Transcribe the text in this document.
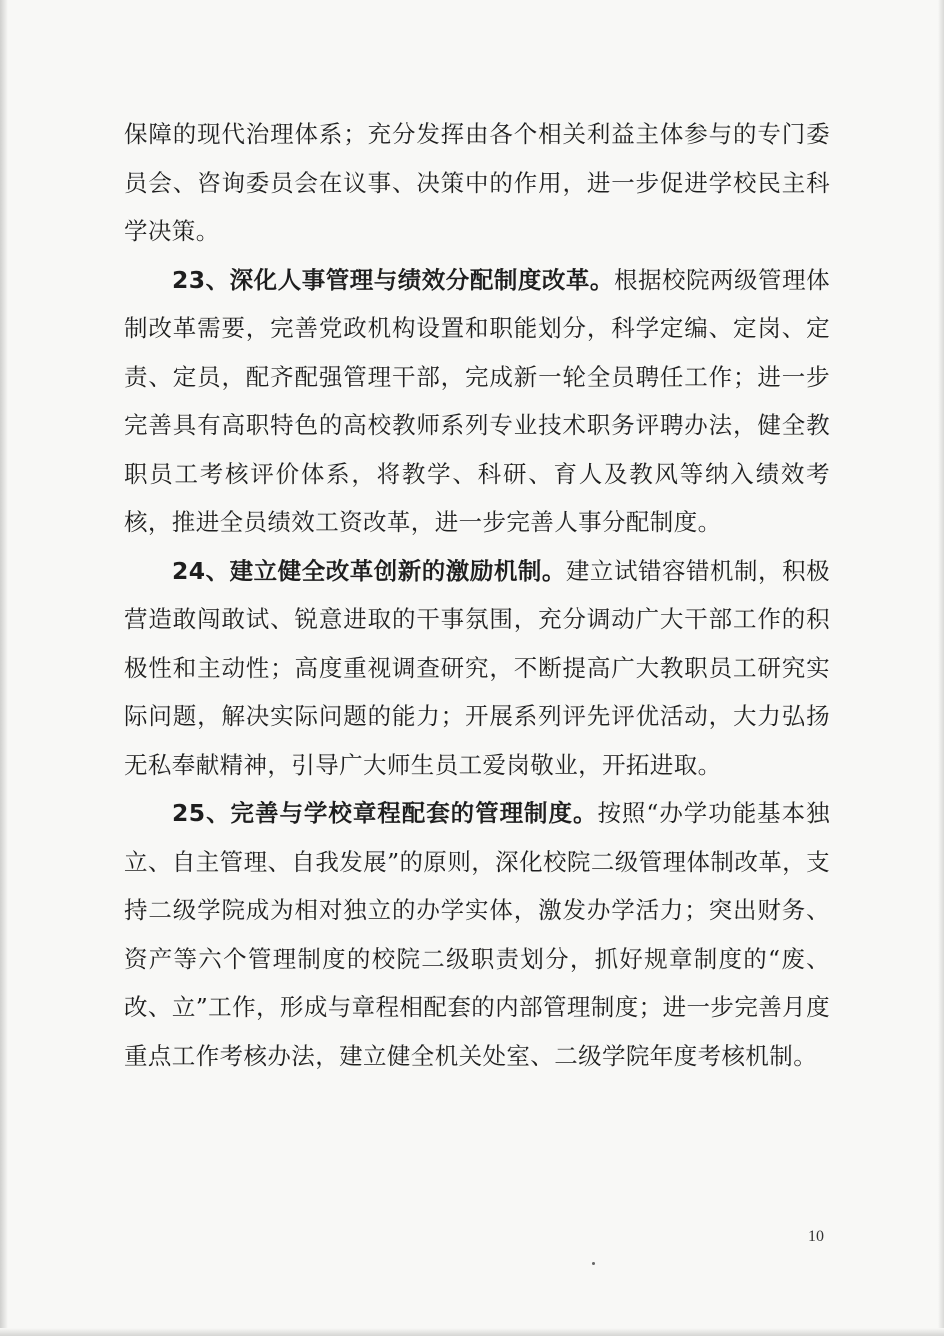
保障的现代治理体系；充分发挥由各个相关利益主体参与的专门委员会、咨询委员会在议事、决策中的作用，进一步促进学校民主科学决策。

23、深化人事管理与绩效分配制度改革。根据校院两级管理体制改革需要，完善党政机构设置和职能划分，科学定编、定岗、定责、定员，配齐配强管理干部，完成新一轮全员聘任工作；进一步完善具有高职特色的高校教师系列专业技术职务评聘办法，健全教职员工考核评价体系，将教学、科研、育人及教风等纳入绩效考核，推进全员绩效工资改革，进一步完善人事分配制度。

24、建立健全改革创新的激励机制。建立试错容错机制，积极营造敢闯敢试、锐意进取的干事氛围，充分调动广大干部工作的积极性和主动性；高度重视调查研究，不断提高广大教职员工研究实际问题，解决实际问题的能力；开展系列评先评优活动，大力弘扬无私奉献精神，引导广大师生员工爱岗敬业，开拓进取。

25、完善与学校章程配套的管理制度。按照“办学功能基本独立、自主管理、自我发展”的原则，深化校院二级管理体制改革，支持二级学院成为相对独立的办学实体，激发办学活力；突出财务、资产等六个管理制度的校院二级职责划分，抓好规章制度的“废、改、立”工作，形成与章程相配套的内部管理制度；进一步完善月度重点工作考核办法，建立健全机关处室、二级学院年度考核机制。

10
